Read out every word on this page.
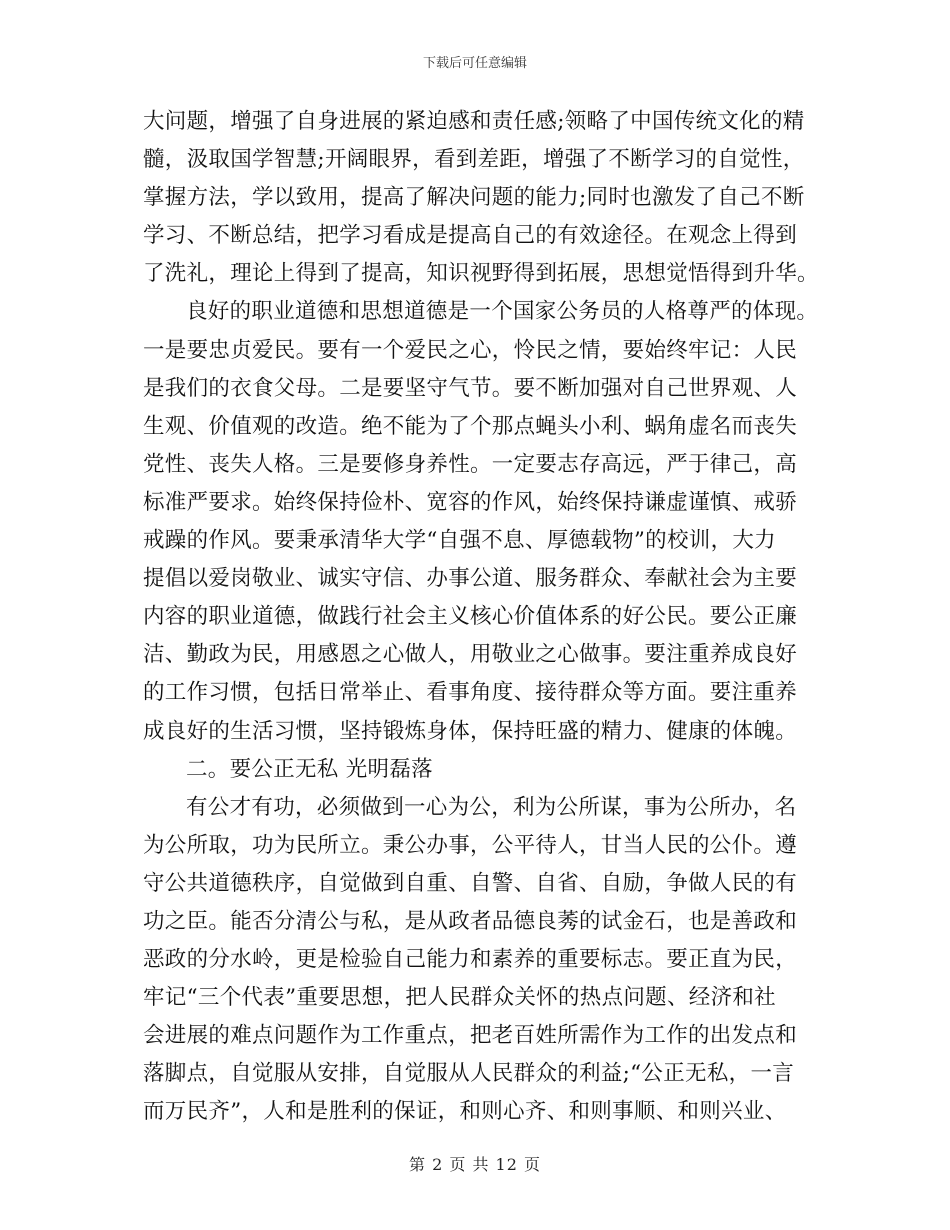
下载后可任意编辑
大问题，增强了自身进展的紧迫感和责任感;领略了中国传统文化的精
髓，汲取国学智慧;开阔眼界，看到差距，增强了不断学习的自觉性，
掌握方法，学以致用，提高了解决问题的能力;同时也激发了自己不断
学习、不断总结，把学习看成是提高自己的有效途径。在观念上得到
了洗礼，理论上得到了提高，知识视野得到拓展，思想觉悟得到升华。
良好的职业道德和思想道德是一个国家公务员的人格尊严的体现。
一是要忠贞爱民。要有一个爱民之心，怜民之情，要始终牢记：人民
是我们的衣食父母。二是要坚守气节。要不断加强对自己世界观、人
生观、价值观的改造。绝不能为了个那点蝇头小利、蜗角虚名而丧失
党性、丧失人格。三是要修身养性。一定要志存高远，严于律己，高
标准严要求。始终保持俭朴、宽容的作风，始终保持谦虚谨慎、戒骄
戒躁的作风。要秉承清华大学“自强不息、厚德载物”的校训，大力
提倡以爱岗敬业、诚实守信、办事公道、服务群众、奉献社会为主要
内容的职业道德，做践行社会主义核心价值体系的好公民。要公正廉
洁、勤政为民，用感恩之心做人，用敬业之心做事。要注重养成良好
的工作习惯，包括日常举止、看事角度、接待群众等方面。要注重养
成良好的生活习惯，坚持锻炼身体，保持旺盛的精力、健康的体魄。
二。要公正无私 光明磊落
有公才有功，必须做到一心为公，利为公所谋，事为公所办，名
为公所取，功为民所立。秉公办事，公平待人，甘当人民的公仆。遵
守公共道德秩序，自觉做到自重、自警、自省、自励，争做人民的有
功之臣。能否分清公与私，是从政者品德良莠的试金石，也是善政和
恶政的分水岭，更是检验自己能力和素养的重要标志。要正直为民，
牢记“三个代表”重要思想，把人民群众关怀的热点问题、经济和社
会进展的难点问题作为工作重点，把老百姓所需作为工作的出发点和
落脚点，自觉服从安排，自觉服从人民群众的利益;“公正无私，一言
而万民齐”，人和是胜利的保证，和则心齐、和则事顺、和则兴业、
第 2 页 共 12 页
